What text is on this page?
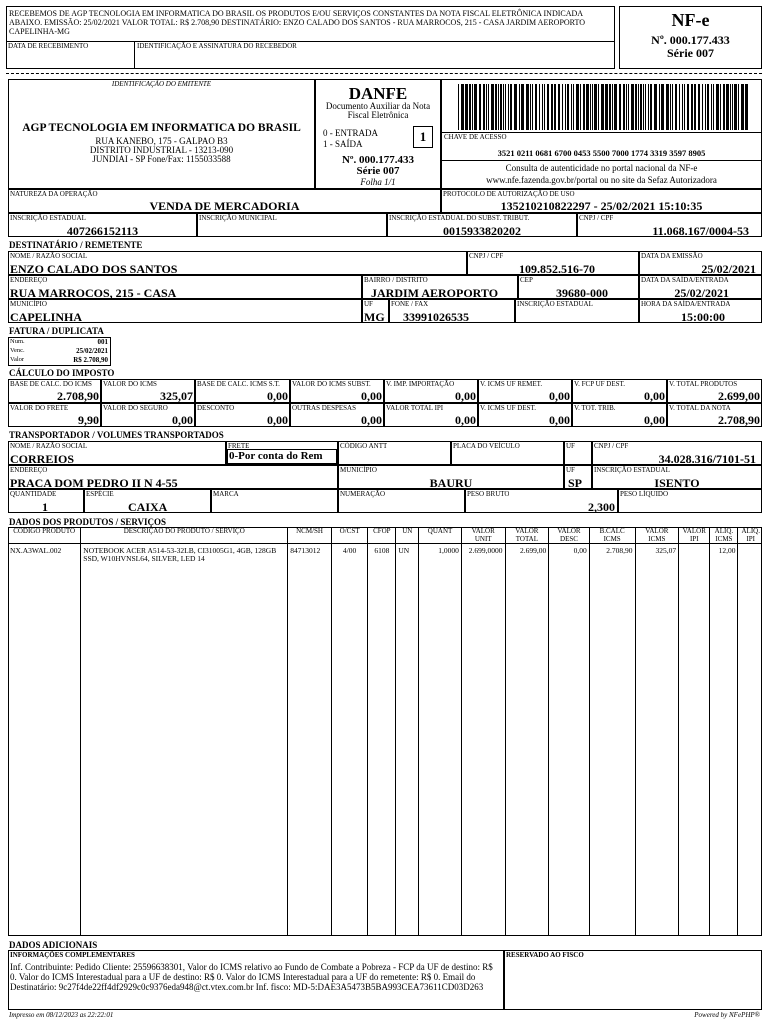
RECEBEMOS DE AGP TECNOLOGIA EM INFORMATICA DO BRASIL OS PRODUTOS E/OU SERVIÇOS CONSTANTES DA NOTA FISCAL ELETRÔNICA INDICADA ABAIXO. EMISSÃO: 25/02/2021 VALOR TOTAL: R$ 2.708,90 DESTINATÁRIO: ENZO CALADO DOS SANTOS - RUA MARROCOS, 215 - CASA JARDIM AEROPORTO CAPELINHA-MG
DATA DE RECEBIMENTO	IDENTIFICAÇÃO E ASSINATURA DO RECEBEDOR
NF-e
Nº. 000.177.433
Série 007
IDENTIFICAÇÃO DO EMITENTE
AGP TECNOLOGIA EM INFORMATICA DO BRASIL
RUA KANEBO, 175 - GALPAO B3
DISTRITO INDUSTRIAL - 13213-090
JUNDIAI - SP Fone/Fax: 1155033588
DANFE
Documento Auxiliar da Nota
Fiscal Eletrônica
0 - ENTRADA
1 - SAÍDA	1
Nº. 000.177.433
Série 007
Folha 1/1
CHAVE DE ACESSO
3521 0211 0681 6700 0453 5500 7000 1774 3319 3597 8905
Consulta de autenticidade no portal nacional da NF-e
www.nfe.fazenda.gov.br/portal ou no site da Sefaz Autorizadora
NATUREZA DA OPERAÇÃO
VENDA DE MERCADORIA
PROTOCOLO DE AUTORIZAÇÃO DE USO
135210210822297 - 25/02/2021 15:10:35
INSCRIÇÃO ESTADUAL
407266152113
INSCRIÇÃO MUNICIPAL	INSCRIÇÃO ESTADUAL DO SUBST. TRIBUT.
0015933820202
CNPJ / CPF
11.068.167/0004-53
DESTINATÁRIO / REMETENTE
NOME / RAZÃO SOCIAL
ENZO CALADO DOS SANTOS
CNPJ / CPF
109.852.516-70
DATA DA EMISSÃO
25/02/2021
ENDEREÇO
RUA MARROCOS, 215 - CASA
BAIRRO / DISTRITO
JARDIM AEROPORTO
CEP
39680-000
DATA DA SAÍDA/ENTRADA
25/02/2021
MUNICÍPIO
CAPELINHA
UF
MG
FONE / FAX
33991026535
INSCRIÇÃO ESTADUAL	HORA DA SAÍDA/ENTRADA
15:00:00
FATURA / DUPLICATA
Num.	001
Venc.	25/02/2021
Valor	R$ 2.708,90
CÁLCULO DO IMPOSTO
BASE DE CALC. DO ICMS
2.708,90
VALOR DO ICMS
325,07
BASE DE CALC. ICMS S.T.
0,00
VALOR DO ICMS SUBST.
0,00
V. IMP. IMPORTAÇÃO
0,00
V. ICMS UF REMET.
0,00
V. FCP UF DEST.
0,00
V. TOTAL PRODUTOS
2.699,00
VALOR DO FRETE
9,90
VALOR DO SEGURO
0,00
DESCONTO
0,00
OUTRAS DESPESAS
0,00
VALOR TOTAL IPI
0,00
V. ICMS UF DEST.
0,00
V. TOT. TRIB.
0,00
V. TOTAL DA NOTA
2.708,90
TRANSPORTADOR / VOLUMES TRANSPORTADOS
NOME / RAZÃO SOCIAL
CORREIOS
FRETE
0-Por conta do Rem
CÓDIGO ANTT	PLACA DO VEÍCULO	UF	CNPJ / CPF
34.028.316/7101-51
ENDEREÇO
PRACA DOM PEDRO II N 4-55
MUNICÍPIO
BAURU
UF
SP
INSCRIÇÃO ESTADUAL
ISENTO
QUANTIDADE
1
ESPÉCIE
CAIXA
MARCA	NUMERAÇÃO	PESO BRUTO
2,300
PESO LÍQUIDO
DADOS DOS PRODUTOS / SERVIÇOS
CÓDIGO PRODUTO	DESCRIÇÃO DO PRODUTO / SERVIÇO	NCM/SH	O/CST	CFOP	UN	QUANT	VALOR UNIT	VALOR TOTAL	VALOR DESC	B.CÁLC ICMS	VALOR ICMS	VALOR IPI	ALÍQ. ICMS	ALÍQ. IPI
NX.A3WAL.002	NOTEBOOK ACER A514-53-32LB, CI31005G1, 4GB, 128GB SSD, W10HVNSL64, SILVER, LED 14	84713012	4/00	6108	UN	1,0000	2.699,0000	2.699,00	0,00	2.708,90	325,07		12,00	

DADOS ADICIONAIS
INFORMAÇÕES COMPLEMENTARES
Inf. Contribuinte: Pedido Cliente: 25596638301, Valor do ICMS relativo ao Fundo de Combate a Pobreza - FCP da UF de destino: R$ 0. Valor do ICMS Interestadual para a UF de destino: R$ 0. Valor do ICMS Interestadual para a UF do remetente: R$ 0. Email do Destinatário: 9c27f4de22ff4df2929c0c9376eda948@ct.vtex.com.br Inf. fisco: MD-5:DAE3A5473B5BA993CEA73611CD03D263
RESERVADO AO FISCO
Impresso em 08/12/2023 as 22:22:01	Powered by NFePHP®
